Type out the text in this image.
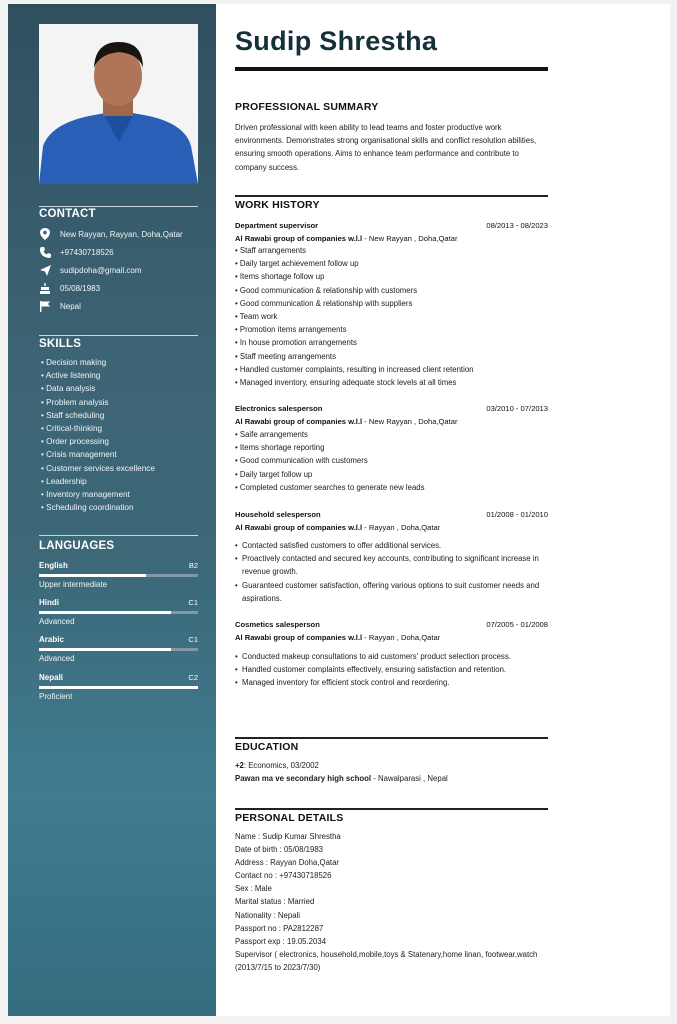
CONTACT
New Rayyan, Rayyan, Doha,Qatar
+97430718526
sudipdoha@gmail.com
05/08/1983
Nepal
SKILLS
• Decision making
• Active listening
• Data analysis
• Problem analysis
• Staff scheduling
• Critical-thinking
• Order processing
• Crisis management
• Customer services excellence
• Leadership
• Inventory management
• Scheduling coordination
LANGUAGES
English	B2
Upper intermediate
Hindi	C1
Advanced
Arabic	C1
Advanced
Nepali	C2
Proficient
Sudip Shrestha
PROFESSIONAL SUMMARY
Driven professional with keen ability to lead teams and foster productive work environments. Demonstrates strong organisational skills and conflict resolution abilities, ensuring smooth operations. Aims to enhance team performance and contribute to company success.
WORK HISTORY
Department supervisor	08/2013 - 08/2023
Al Rawabi group of companies w.l.l - New Rayyan , Doha,Qatar
• Staff arrangements
• Daily target achievement follow up
• Items shortage follow up
• Good communication & relationship with customers
• Good communication & relationship with suppliers
• Team work
• Promotion items arrangements
• In house promotion arrangements
• Staff meeting arrangements
• Handled customer complaints, resulting in increased client retention
• Managed inventory, ensuring adequate stock levels at all times
Electronics salesperson	03/2010 - 07/2013
Al Rawabi group of companies w.l.l - New Rayyan , Doha,Qatar
• Saife arrangements
• Items shortage reporting
• Good communication with customers
• Daily target follow up
• Completed customer searches to generate new leads
Household selesperson	01/2008 - 01/2010
Al Rawabi group of companies w.l.l - Rayyan , Doha,Qatar
• Contacted satisfied customers to offer additional services.
• Proactively contacted and secured key accounts, contributing to significant increase in revenue growth.
• Guaranteed customer satisfaction, offering various options to suit customer needs and aspirations.
Cosmetics salesperson	07/2005 - 01/2008
Al Rawabi group of companies w.l.l - Rayyan , Doha,Qatar
• Conducted makeup consultations to aid customers' product selection process.
• Handled customer complaints effectively, ensuring satisfaction and retention.
• Managed inventory for efficient stock control and reordering.
EDUCATION
+2: Economics, 03/2002
Pawan ma ve secondary high school - Nawalparasi , Nepal
PERSONAL DETAILS
Name : Sudip Kumar Shrestha
Date of birth : 05/08/1983
Address : Rayyan Doha,Qatar
Contact no : +97430718526
Sex : Male
Marital status : Married
Nationality : Nepali
Passport no : PA2812287
Passport exp : 19.05.2034
Supervisor ( electronics, household,mobile,toys & Statenary,home linan, footwear,watch (2013/7/15 to 2023/7/30)
